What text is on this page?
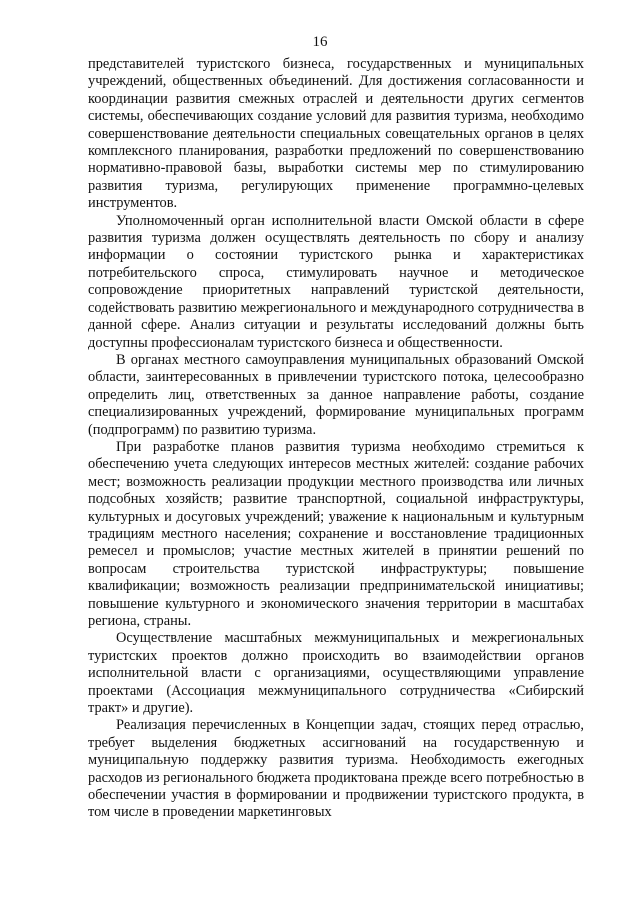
16

представителей туристского бизнеса, государственных и муниципальных учреждений, общественных объединений. Для достижения согласованности и координации развития смежных отраслей и деятельности других сегментов системы, обеспечивающих создание условий для развития туризма, необходимо совершенствование деятельности специальных совещательных органов в целях комплексного планирования, разработки предложений по совершенствованию нормативно-правовой базы, выработки системы мер по стимулированию развития туризма, регулирующих применение программно-целевых инструментов.

Уполномоченный орган исполнительной власти Омской области в сфере развития туризма должен осуществлять деятельность по сбору и анализу информации о состоянии туристского рынка и характеристиках потребительского спроса, стимулировать научное и методическое сопровождение приоритетных направлений туристской деятельности, содействовать развитию межрегионального и международного сотрудничества в данной сфере. Анализ ситуации и результаты исследований должны быть доступны профессионалам туристского бизнеса и общественности.

В органах местного самоуправления муниципальных образований Омской области, заинтересованных в привлечении туристского потока, целесообразно определить лиц, ответственных за данное направление работы, создание специализированных учреждений, формирование муниципальных программ (подпрограмм) по развитию туризма.

При разработке планов развития туризма необходимо стремиться к обеспечению учета следующих интересов местных жителей: создание рабочих мест; возможность реализации продукции местного производства или личных подсобных хозяйств; развитие транспортной, социальной инфраструктуры, культурных и досуговых учреждений; уважение к национальным и культурным традициям местного населения; сохранение и восстановление традиционных ремесел и промыслов; участие местных жителей в принятии решений по вопросам строительства туристской инфраструктуры; повышение квалификации; возможность реализации предпринимательской инициативы; повышение культурного и экономического значения территории в масштабах региона, страны.

Осуществление масштабных межмуниципальных и межрегиональных туристских проектов должно происходить во взаимодействии органов исполнительной власти с организациями, осуществляющими управление проектами (Ассоциация межмуниципального сотрудничества «Сибирский тракт» и другие).

Реализация перечисленных в Концепции задач, стоящих перед отраслью, требует выделения бюджетных ассигнований на государственную и муниципальную поддержку развития туризма. Необходимость ежегодных расходов из регионального бюджета продиктована прежде всего потребностью в обеспечении участия в формировании и продвижении туристского продукта, в том числе в проведении маркетинговых
